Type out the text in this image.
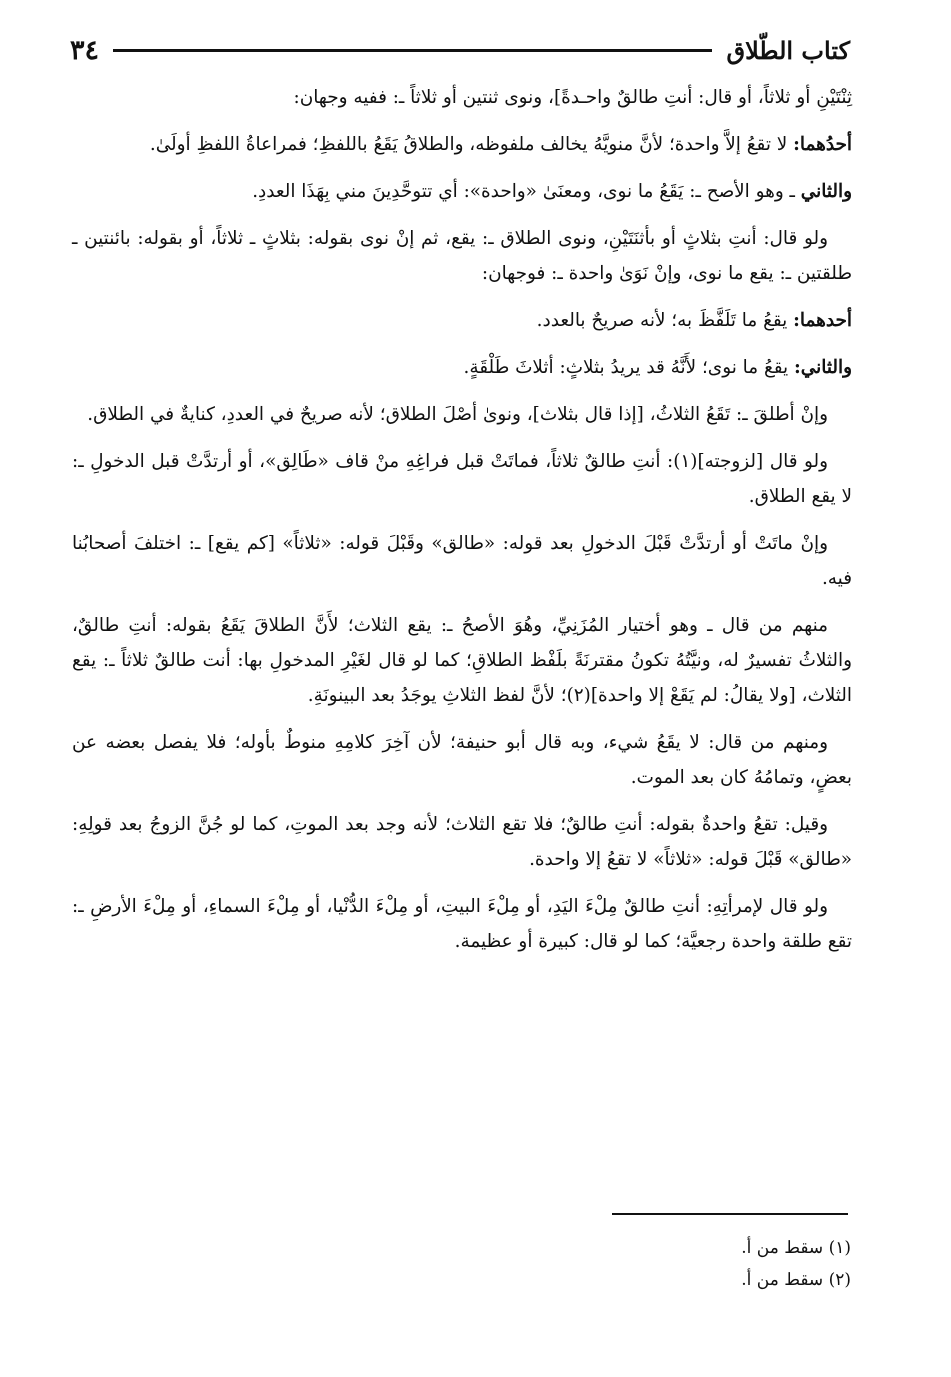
كتاب الطّلاق
٣٤

ثِنْتَيْنِ أو ثلاثاً، أو قال: أنتِ طالقٌ واحـدةً]، ونوى ثنتين أو ثلاثاً ـ: ففيه وجهان:

أحدُهما: لا تقعُ إلاَّ واحدة؛ لأنَّ منويَّهُ يخالف ملفوظه، والطلاقُ يَقَعُ باللفظِ؛ فمراعاةُ اللفظِ أولَىٰ.

والثاني ـ وهو الأصح ـ: يَقَعُ ما نوى، ومعنَىٰ «واحدة»: أي تتوحَّدِينَ مني بِهَذَا العددِ.

ولو قال: أنتِ بثلاثٍ أو بأثنَتَيْنِ، ونوى الطلاق ـ: يقع، ثم إنْ نوى بقوله: بثلاثٍ ـ ثلاثاً، أو بقوله: بائنتين ـ طلقتين ـ: يقع ما نوى، وإنْ نَوَىٰ واحدة ـ: فوجهان:

أحدهما: يقعُ ما تَلَفَّظَ به؛ لأنه صريحٌ بالعدد.

والثاني: يقعُ ما نوى؛ لأَنَّهُ قد يريدُ بثلاثٍ: أثلاثَ طَلْقَةٍ.

وإنْ أطلقَ ـ: تَقَعُ الثلاثُ، [إذا قال بثلاث]، ونوىٰ أصْلَ الطلاق؛ لأنه صريحٌ في العددِ، كنايةٌ في الطلاق.

ولو قال [لزوجته](١): أنتِ طالقٌ ثلاثاً، فماتَتْ قبل فراغِهِ منْ قاف «طَالِق»، أو أرتدَّتْ قبل الدخولِ ـ: لا يقع الطلاق.

وإنْ ماتَتْ أو أرتدَّتْ قَبْلَ الدخولِ بعد قوله: «طالق» وقَبْلَ قوله: «ثلاثاً» [كم يقع] ـ: اختلفَ أصحابُنا فيه.

منهم من قال ـ وهو أختيار المُزَنِيِّ، وهُوَ الأصحُ ـ: يقع الثلاث؛ لأَنَّ الطلاقَ يَقَعُ بقوله: أنتِ طالقٌ، والثلاثُ تفسيرٌ له، ونيَّتُهُ تكونُ مقترنَةً بلَفْظ الطلاقِ؛ كما لو قال لغَيْرِ المدخولِ بها: أنت طالقٌ ثلاثاً ـ: يقع الثلاث، [ولا يقالُ: لم يَقَعْ إلا واحدة](٢)؛ لأنَّ لفظ الثلاثِ يوجَدُ بعد البينونَةِ.

ومنهم من قال: لا يقَعُ شيء، وبه قال أبو حنيفة؛ لأن آخِرَ كلامِهِ منوطٌ بأوله؛ فلا يفصل بعضه عن بعضٍ، وتمامُهُ كان بعد الموت.

وقيل: تقعُ واحدةٌ بقوله: أنتِ طالقٌ؛ فلا تقع الثلاث؛ لأنه وجد بعد الموتِ، كما لو جُنَّ الزوجُ بعد قولِهِ: «طالق» قَبْلَ قوله: «ثلاثاً» لا تقعُ إلا واحدة.

ولو قال لإمرأتِهِ: أنتِ طالقٌ مِلْءَ اليَدِ، أو مِلْءَ البيتِ، أو مِلْءَ الدُّنْيا، أو مِلْءَ السماءِ، أو مِلْءَ الأرضِ ـ: تقع طلقة واحدة رجعيَّة؛ كما لو قال: كبيرة أو عظيمة.

(١) سقط من أ.
(٢) سقط من أ.
